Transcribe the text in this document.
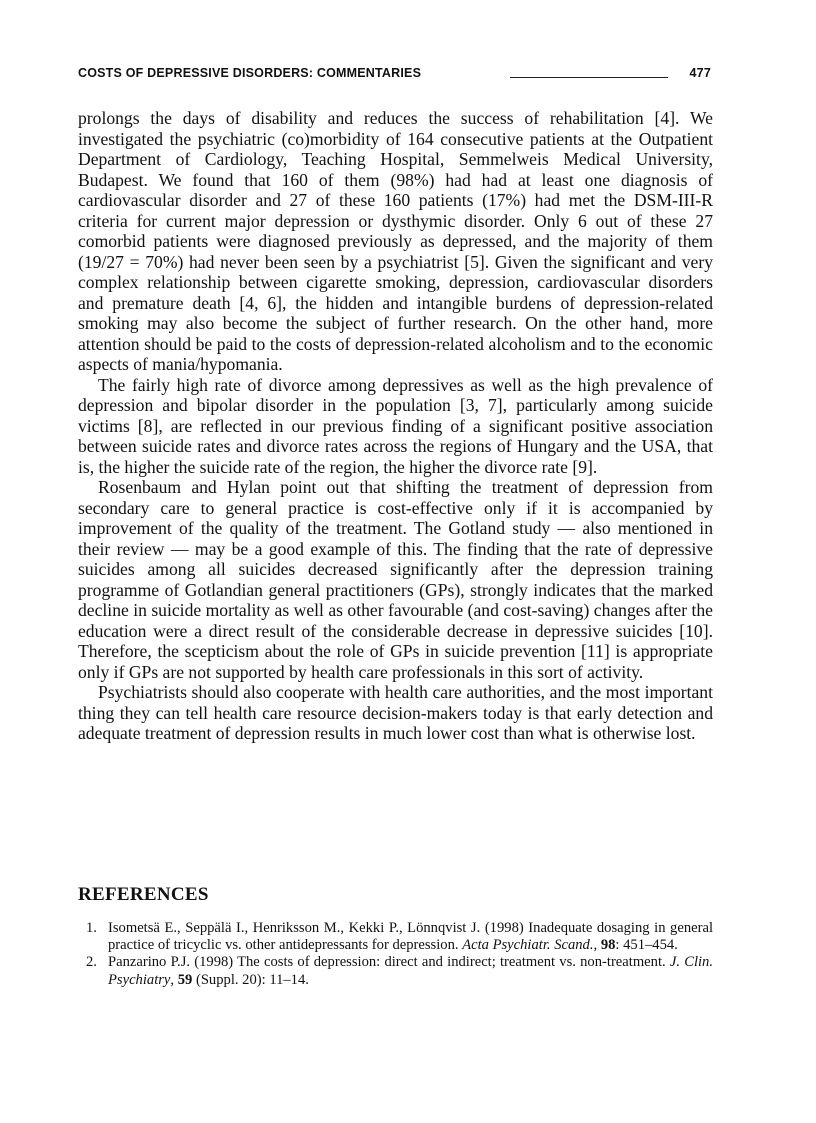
COSTS OF DEPRESSIVE DISORDERS: COMMENTARIES	477

prolongs the days of disability and reduces the success of rehabilitation [4]. We investigated the psychiatric (co)morbidity of 164 consecutive patients at the Outpatient Department of Cardiology, Teaching Hospital, Semmelweis Medical University, Budapest. We found that 160 of them (98%) had had at least one diagnosis of cardiovascular disorder and 27 of these 160 patients (17%) had met the DSM-III-R criteria for current major depression or dysthymic disorder. Only 6 out of these 27 comorbid patients were diagnosed previously as depressed, and the majority of them (19/27 = 70%) had never been seen by a psychiatrist [5]. Given the significant and very complex relationship between cigarette smoking, depression, cardiovascular disorders and premature death [4, 6], the hidden and intangible burdens of depression-related smoking may also become the subject of further research. On the other hand, more attention should be paid to the costs of depression-related alcoholism and to the economic aspects of mania/hypomania.

The fairly high rate of divorce among depressives as well as the high prevalence of depression and bipolar disorder in the population [3, 7], particularly among suicide victims [8], are reflected in our previous finding of a significant positive association between suicide rates and divorce rates across the regions of Hungary and the USA, that is, the higher the suicide rate of the region, the higher the divorce rate [9].

Rosenbaum and Hylan point out that shifting the treatment of depression from secondary care to general practice is cost-effective only if it is accompanied by improvement of the quality of the treatment. The Gotland study — also mentioned in their review — may be a good example of this. The finding that the rate of depressive suicides among all suicides decreased significantly after the depression training programme of Gotlandian general practitioners (GPs), strongly indicates that the marked decline in suicide mortality as well as other favourable (and cost-saving) changes after the education were a direct result of the considerable decrease in depressive suicides [10]. Therefore, the scepticism about the role of GPs in suicide prevention [11] is appropriate only if GPs are not supported by health care professionals in this sort of activity.

Psychiatrists should also cooperate with health care authorities, and the most important thing they can tell health care resource decision-makers today is that early detection and adequate treatment of depression results in much lower cost than what is otherwise lost.

REFERENCES

1. Isometsä E., Seppälä I., Henriksson M., Kekki P., Lönnqvist J. (1998) Inadequate dosaging in general practice of tricyclic vs. other antidepressants for depression. Acta Psychiatr. Scand., 98: 451–454.

2. Panzarino P.J. (1998) The costs of depression: direct and indirect; treatment vs. non-treatment. J. Clin. Psychiatry, 59 (Suppl. 20): 11–14.
